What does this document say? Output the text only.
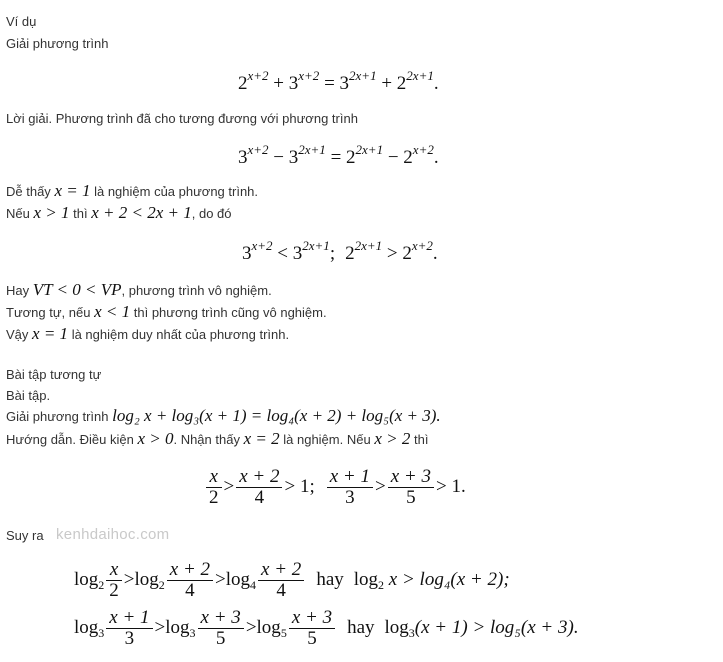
Ví dụ
Giải phương trình
$2^{x+2} + 3^{x+2} = 3^{2x+1} + 2^{2x+1}$.
Lời giải. Phương trình đã cho tương đương với phương trình
$3^{x+2} - 3^{2x+1} = 2^{2x+1} - 2^{x+2}$.
Dễ thấy x = 1 là nghiệm của phương trình.
Nếu x > 1 thì x + 2 < 2x + 1, do đó
$3^{x+2} < 3^{2x+1}$; $2^{2x+1} > 2^{x+2}$.
Hay VT < 0 < VP, phương trình vô nghiệm.
Tương tự, nếu x < 1 thì phương trình cũng vô nghiệm.
Vậy x = 1 là nghiệm duy nhất của phương trình.
Bài tập tương tự
Bài tập.
Giải phương trình log₂ x + log₃(x + 1) = log₄(x + 2) + log₅(x + 3).
Hướng dẫn. Điều kiện x > 0. Nhận thấy x = 2 là nghiệm. Nếu x > 2 thì
$\frac{x}{2} > \frac{x + 2}{4} > 1$; $\frac{x + 1}{3} > \frac{x + 3}{5} > 1$.
Suy ra kenhdaihoc.com
$\log_2 \frac{x}{2} >\log_2 \frac{x + 2}{4} >\log_4 \frac{x + 2}{4}$ hay $\log_2 x > \log_4(x + 2)$;
$\log_3 \frac{x + 1}{3} >\log_3 \frac{x + 3}{5} >\log_5 \frac{x + 3}{5}$ hay $\log_3(x + 1) > \log_5(x + 3)$.
